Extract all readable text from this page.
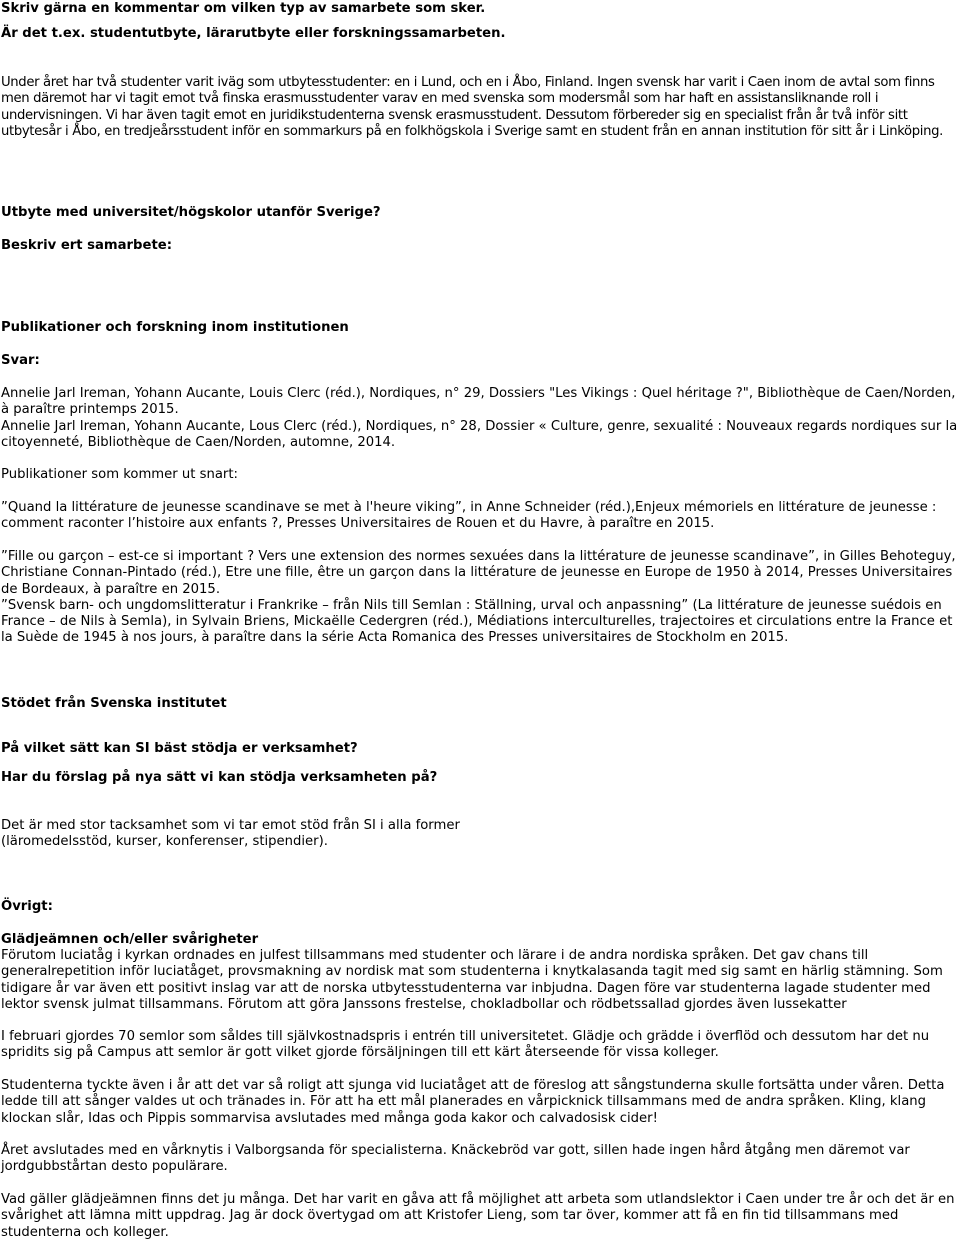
Skriv gärna en kommentar om vilken typ av samarbete som sker.

Är det t.ex. studentutbyte, lärarutbyte eller forskningssamarbeten.

Under året har två studenter varit iväg som utbytesstudenter: en i Lund, och en i Åbo, Finland. Ingen svensk har varit i Caen inom de avtal som finns men däremot har vi tagit emot två finska erasmusstudenter varav en med svenska som modersmål som har haft en assistansliknande roll i undervisningen. Vi har även tagit emot en juridikstudenterna svensk erasmusstudent. Dessutom förbereder sig en specialist från år två inför sitt utbytesår i Åbo, en tredjeårsstudent inför en sommarkurs på en folkhögskola i Sverige samt en student från en annan institution för sitt år i Linköping.

Utbyte med universitet/högskolor utanför Sverige?

Beskriv ert samarbete:

Publikationer och forskning inom institutionen

Svar:

Annelie Jarl Ireman, Yohann Aucante, Louis Clerc (réd.), Nordiques, n° 29, Dossiers "Les Vikings : Quel héritage ?", Bibliothèque de Caen/Norden, à paraître printemps 2015.
Annelie Jarl Ireman, Yohann Aucante, Lous Clerc (réd.), Nordiques, n° 28, Dossier « Culture, genre, sexualité : Nouveaux regards nordiques sur la citoyenneté, Bibliothèque de Caen/Norden, automne, 2014.

Publikationer som kommer ut snart:

”Quand la littérature de jeunesse scandinave se met à l'heure viking”, in Anne Schneider (réd.),Enjeux mémoriels en littérature de jeunesse : comment raconter l’histoire aux enfants ?, Presses Universitaires de Rouen et du Havre, à paraître en 2015.

”Fille ou garçon – est-ce si important ? Vers une extension des normes sexuées dans la littérature de jeunesse scandinave”, in Gilles Behoteguy, Christiane Connan-Pintado (réd.), Etre une fille, être un garçon dans la littérature de jeunesse en Europe de 1950 à 2014, Presses Universitaires de Bordeaux, à paraître en 2015.
”Svensk barn- och ungdomslitteratur i Frankrike – från Nils till Semlan : Ställning, urval och anpassning” (La littérature de jeunesse suédois en France – de Nils à Semla), in Sylvain Briens, Mickaëlle Cedergren (réd.), Médiations interculturelles, trajectoires et circulations entre la France et la Suède de 1945 à nos jours, à paraître dans la série Acta Romanica des Presses universitaires de Stockholm en 2015.

Stödet från Svenska institutet

På vilket sätt kan SI bäst stödja er verksamhet?

Har du förslag på nya sätt vi kan stödja verksamheten på?

Det är med stor tacksamhet som vi tar emot stöd från SI i alla former
(läromedelsstöd, kurser, konferenser, stipendier).

Övrigt:

Glädjeämnen och/eller svårigheter

Förutom luciatåg i kyrkan ordnades en julfest tillsammans med studenter och lärare i de andra nordiska språken. Det gav chans till generalrepetition inför luciatåget, provsmakning av nordisk mat som studenterna i knytkalasanda tagit med sig samt en härlig stämning. Som tidigare år var även ett positivt inslag var att de norska utbytesstudenterna var inbjudna. Dagen före var studenterna lagade studenter med lektor svensk julmat tillsammans. Förutom att göra Janssons frestelse, chokladbollar och rödbetssallad gjordes även lussekatter

I februari gjordes 70 semlor som såldes till självkostnadspris i entrén till universitetet. Glädje och grädde i överflöd och dessutom har det nu spridits sig på Campus att semlor är gott vilket gjorde försäljningen till ett kärt återseende för vissa kolleger.

Studenterna tyckte även i år att det var så roligt att sjunga vid luciatåget att de föreslog att sångstunderna skulle fortsätta under våren. Detta ledde till att sånger valdes ut och tränades in. För att ha ett mål planerades en vårpicknick tillsammans med de andra språken. Kling, klang klockan slår, Idas och Pippis sommarvisa avslutades med många goda kakor och calvadosisk cider!

Året avslutades med en vårknytis i Valborgsanda för specialisterna. Knäckebröd var gott, sillen hade ingen hård åtgång men däremot var jordgubbstårtan desto populärare.

Vad gäller glädjeämnen finns det ju många. Det har varit en gåva att få möjlighet att arbeta som utlandslektor i Caen under tre år och det är en svårighet att lämna mitt uppdrag. Jag är dock övertygad om att Kristofer Lieng, som tar över, kommer att få en fin tid tillsammans med studenterna och kolleger.
